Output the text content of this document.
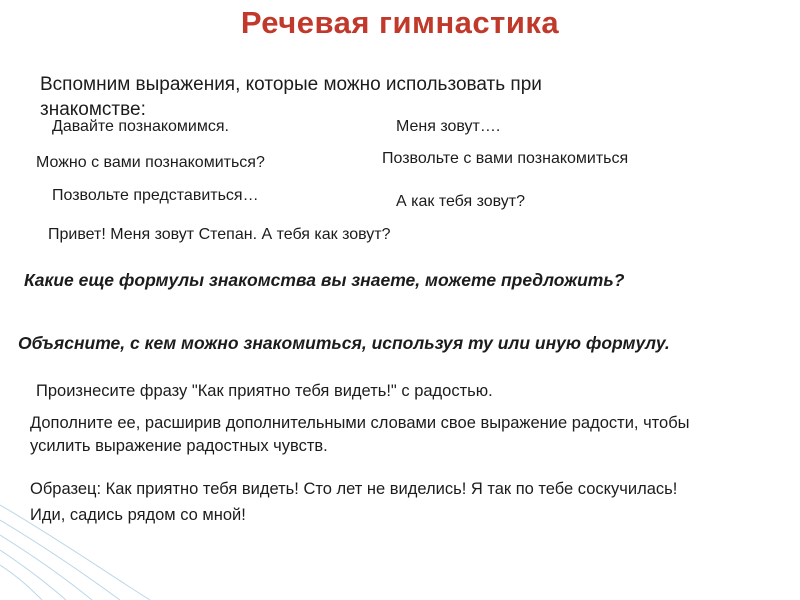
Речевая гимнастика
Вспомним выражения, которые можно использовать при знакомстве:
Давайте познакомимся.	Меня зовут….
Можно с вами познакомиться?	Позвольте с вами познакомиться
Позвольте представиться…	А как тебя зовут?
Привет! Меня зовут Степан. А тебя как зовут?
Какие еще формулы знакомства вы знаете, можете предложить?
Объясните, с кем можно знакомиться, используя ту или иную формулу.
Произнесите фразу "Как приятно тебя видеть!" с радостью.
Дополните ее, расширив дополнительными словами свое выражение радости, чтобы усилить выражение радостных чувств.
Образец: Как приятно тебя видеть! Сто лет не виделись! Я так по тебе соскучилась! Иди, садись рядом со мной!
